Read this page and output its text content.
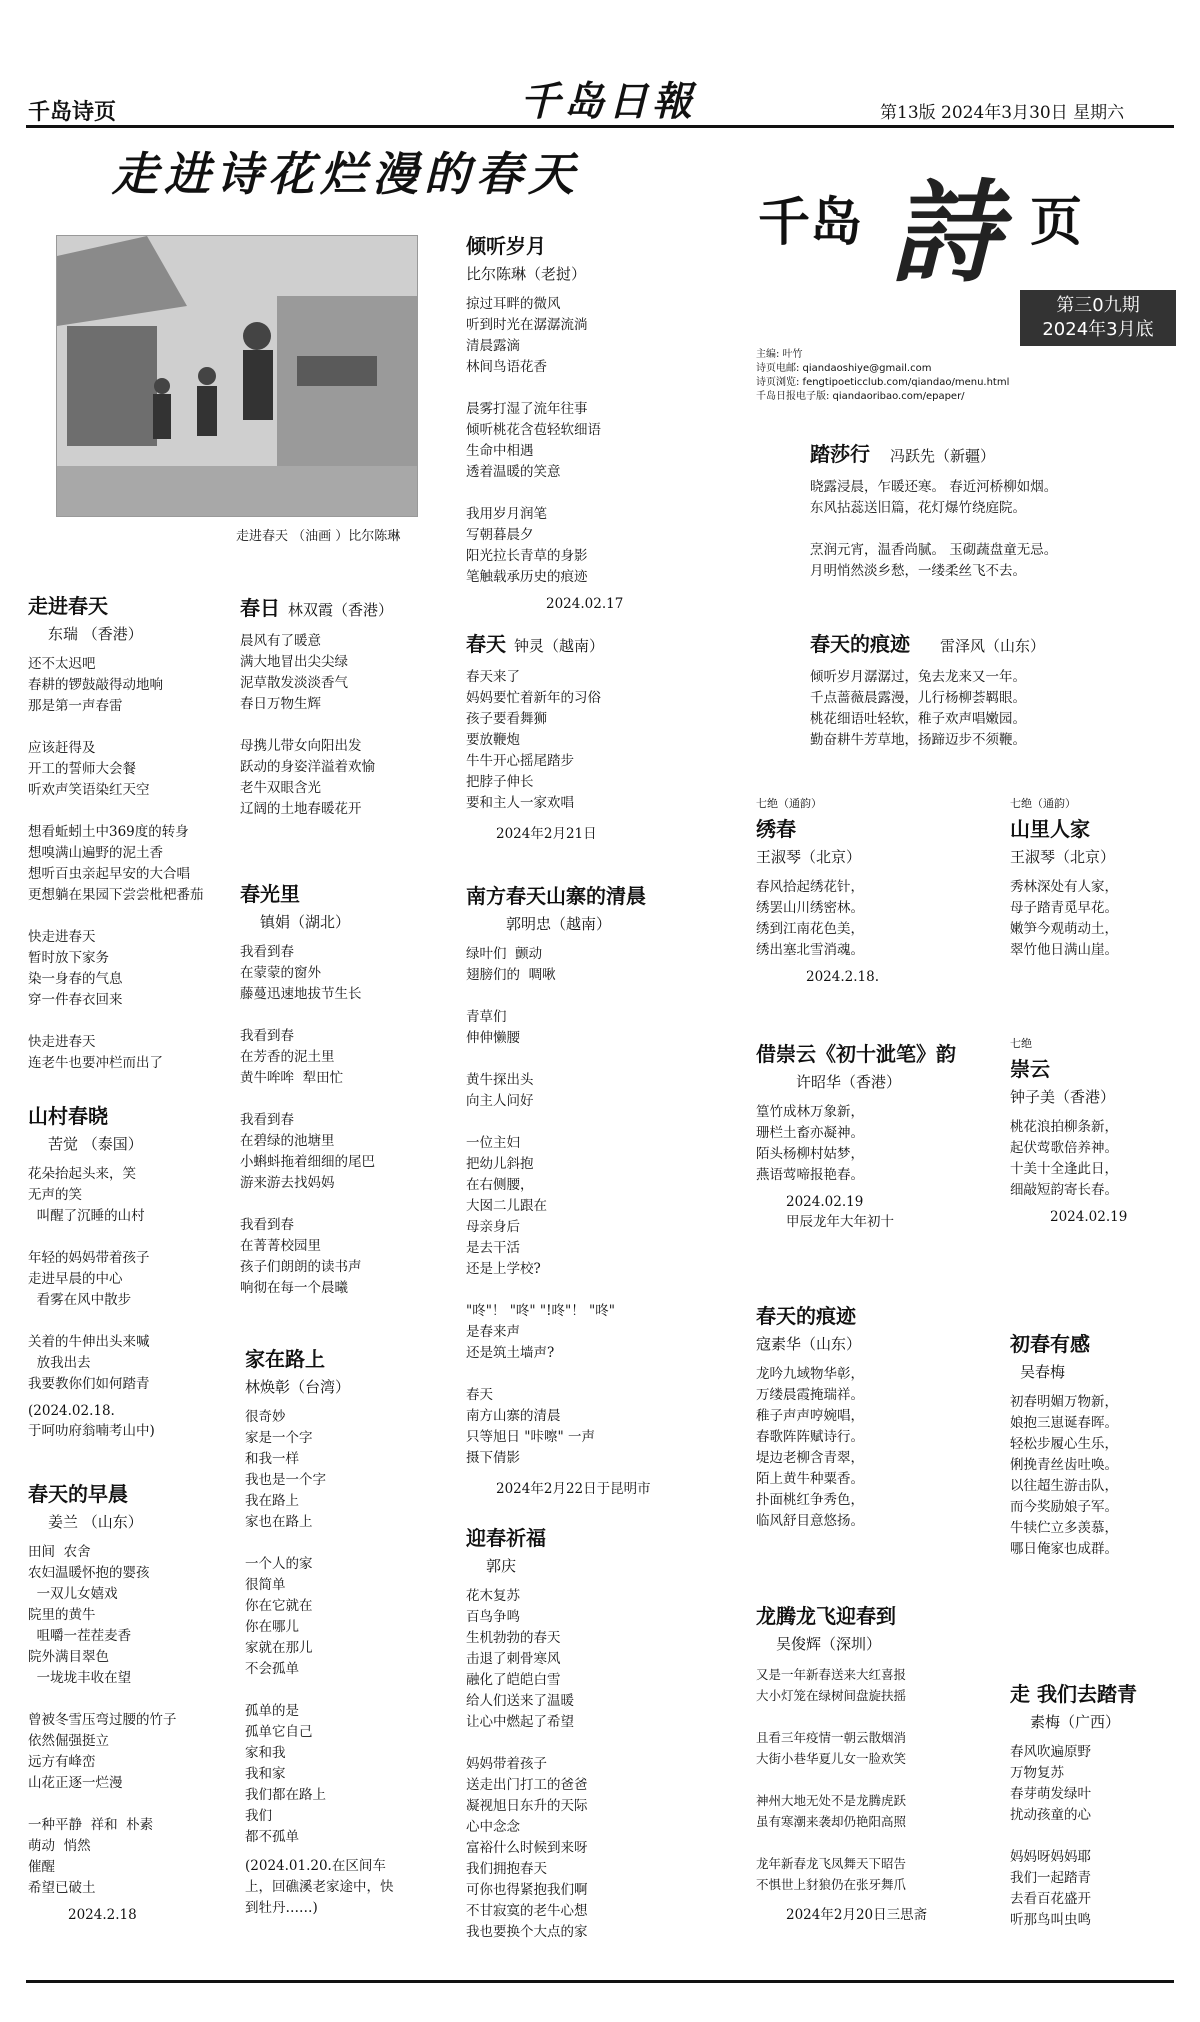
千岛诗页	千岛日報	第13版 2024年3月30日 星期六
走进诗花烂漫的春天
走进春天 （油画 ）比尔陈琳
千岛 詩 页
第三0九期
2024年3月底
主编: 叶竹
诗页电邮: qiandaoshiye@gmail.com
诗页浏览: fengtipoeticclub.com/qiandao/menu.html
千岛日报电子版: qiandaoribao.com/epaper/
走进春天
东瑞 （香港）
还不太迟吧
春耕的锣鼓敲得动地响
那是第一声春雷

应该赶得及
开工的誓师大会餐
听欢声笑语染红天空

想看蚯蚓土中369度的转身
想嗅满山遍野的泥土香
想听百虫亲起早安的大合唱
更想躺在果园下尝尝枇杷番茄

快走进春天
暂时放下家务
染一身春的气息
穿一件春衣回来

快走进春天
连老牛也要冲栏而出了
山村春晓
苦觉 （泰国）
花朵抬起头来，笑
无声的笑
叫醒了沉睡的山村

年轻的妈妈带着孩子
走进早晨的中心
看雾在风中散步

关着的牛伸出头来喊
放我出去
我要教你们如何踏青
(2024.02.18.
于呵叻府翁喃考山中)
春天的早晨
姜兰 （山东）
田间  农舍
农妇温暖怀抱的婴孩
一双儿女嬉戏
院里的黄牛
咀嚼一茬茬麦香
院外满目翠色
一垅垅丰收在望

曾被冬雪压弯过腰的竹子
依然倔强挺立
远方有峰峦
山花正逐一烂漫

一种平静  祥和  朴素
萌动  悄然
催醒
希望已破土
2024.2.18
春日 林双霞（香港）
晨风有了暖意
满大地冒出尖尖绿
泥草散发淡淡香气
春日万物生辉

母携儿带女向阳出发
跃动的身姿洋溢着欢愉
老牛双眼含光
辽阔的土地春暖花开
春光里
镇娟（湖北）
我看到春
在蒙蒙的窗外
藤蔓迅速地拔节生长

我看到春
在芳香的泥土里
黄牛哞哞  犁田忙

我看到春
在碧绿的池塘里
小蝌蚪拖着细细的尾巴
游来游去找妈妈

我看到春
在菁菁校园里
孩子们朗朗的读书声
响彻在每一个晨曦
家在路上
林焕彰（台湾）
很奇妙
家是一个字
和我一样
我也是一个字
我在路上
家也在路上

一个人的家
很简单
你在它就在
你在哪儿
家就在那儿
不会孤单

孤单的是
孤单它自己
家和我
我和家
我们都在路上
我们
都不孤单
(2024.01.20.在区间车
上，回礁溪老家途中，快
到牡丹……)
倾听岁月
比尔陈琳（老挝）
掠过耳畔的微风
听到时光在潺潺流淌
清晨露滴
林间鸟语花香

晨雾打湿了流年往事
倾听桃花含苞轻软细语
生命中相遇
透着温暖的笑意

我用岁月润笔
写朝暮晨夕
阳光拉长青草的身影
笔触载承历史的痕迹
2024.02.17
春天 钟灵（越南）
春天来了
妈妈要忙着新年的习俗
孩子要看舞狮
要放鞭炮
牛牛开心摇尾踏步
把脖子伸长
要和主人一家欢唱
2024年2月21日
南方春天山寨的清晨
郭明忠（越南）
绿叶们  颤动
翅膀们的  啁啾

青草们
伸伸懒腰

黄牛探出头
向主人问好

一位主妇
把幼儿斜抱
在右侧腰，
大囡二儿跟在
母亲身后
是去干活
还是上学校?

"咚"！ "咚" "!咚"！ "咚"
是春来声
还是筑土墙声?

春天
南方山寨的清晨
只等旭日 "咔嚓" 一声
摄下倩影
2024年2月22日于昆明市
迎春祈福
郭庆
花木复苏
百鸟争鸣
生机勃勃的春天
击退了刺骨寒风
融化了皑皑白雪
给人们送来了温暖
让心中燃起了希望

妈妈带着孩子
送走出门打工的爸爸
凝视旭日东升的天际
心中念念
富裕什么时候到来呀
我们拥抱春天
可你也得紧抱我们啊
不甘寂寞的老牛心想
我也要换个大点的家
踏莎行 冯跃先（新疆）
晓露浸晨，乍暖还寒。 春近河桥柳如烟。
东风拈蕊送旧篇，花灯爆竹绕庭院。

烹润元宵，温香尚腻。 玉砌蔬盘童无忌。
月明悄然淡乡愁，一缕柔丝飞不去。
春天的痕迹 雷泽风（山东）
倾听岁月潺潺过，兔去龙来又一年。
千点蔷薇晨露漫，儿行杨柳荟羁眼。
桃花细语吐轻软，稚子欢声唱嫩园。
勤奋耕牛芳草地，扬蹄迈步不须鞭。
七绝（通韵）
绣春
王淑琴（北京）
春风拾起绣花针，
绣罢山川绣密林。
绣到江南花色美，
绣出塞北雪消魂。
2024.2.18.
借崇云《初十泚笔》韵
许昭华（香港）
篁竹成林万象新，
珊栏土畜亦凝神。
陌头杨柳村姑梦，
燕语莺啼报艳春。
2024.02.19
甲辰龙年大年初十
春天的痕迹
寇素华（山东）
龙吟九域物华彰，
万缕晨霞掩瑞祥。
稚子声声哼婉唱，
春歌阵阵赋诗行。
堤边老柳含青翠，
陌上黄牛种粟香。
扑面桃红争秀色，
临风舒目意悠扬。
龙腾龙飞迎春到
吴俊辉（深圳）
又是一年新春送来大红喜报
大小灯笼在绿树间盘旋扶摇

且看三年疫情一朝云散烟消
大街小巷华夏儿女一脸欢笑

神州大地无处不是龙腾虎跃
虽有寒潮来袭却仍艳阳高照

龙年新春龙飞凤舞天下昭告
不惧世上豺狼仍在张牙舞爪
2024年2月20日三思斋
七绝（通韵）
山里人家
王淑琴（北京）
秀林深处有人家，
母子踏青觅早花。
嫩笋今观萌动土，
翠竹他日满山崖。
七绝
崇云
钟子美（香港）
桃花浪拍柳条新，
起伏莺歌倍养神。
十美十全逢此日，
细敲短韵寄长春。
2024.02.19
初春有感
吴春梅
初春明媚万物新，
娘抱三崽诞春晖。
轻松步履心生乐，
俐挽青丝齿吐唤。
以往超生游击队，
而今奖励娘子军。
牛犊伫立多羡慕，
哪日俺家也成群。
走 我们去踏青
素梅（广西）
春风吹遍原野
万物复苏
春芽萌发绿叶
扰动孩童的心

妈妈呀妈妈耶
我们一起踏青
去看百花盛开
听那鸟叫虫鸣
